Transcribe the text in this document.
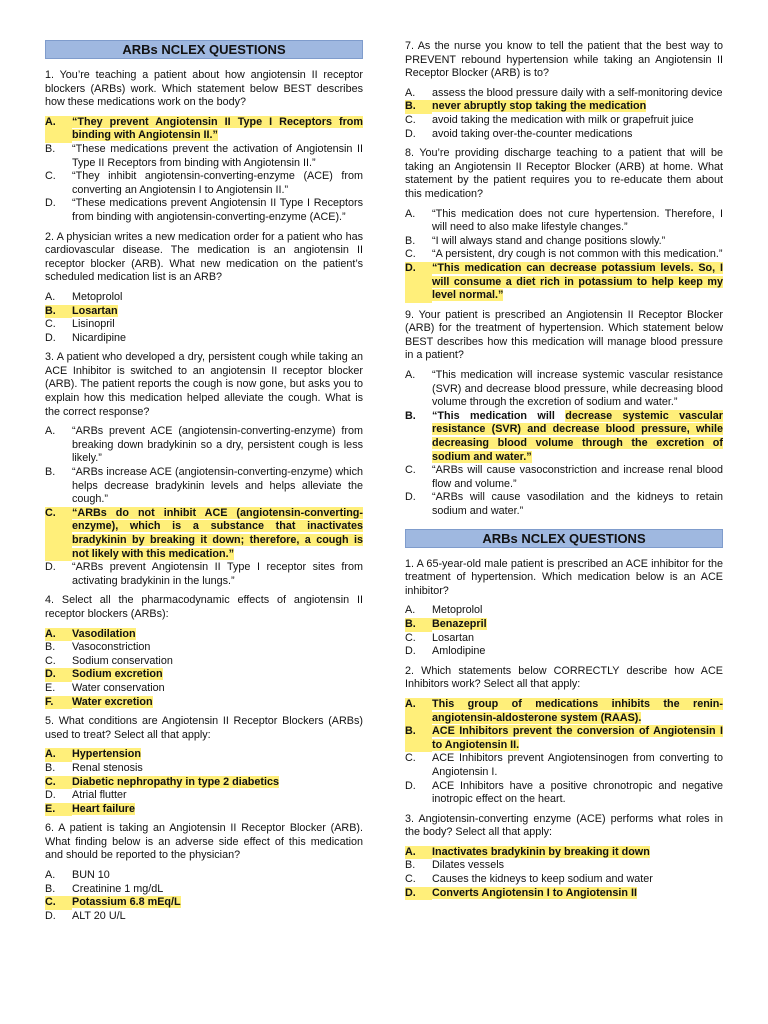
ARBs NCLEX QUESTIONS
1. You’re teaching a patient about how angiotensin II receptor blockers (ARBs) work. Which statement below BEST describes how these medications work on the body?
A.	“They prevent Angiotensin II Type I Receptors from binding with Angiotensin II.”
B.	“These medications prevent the activation of Angiotensin II Type II Receptors from binding with Angiotensin II.”
C.	“They inhibit angiotensin-converting-enzyme (ACE) from converting an Angiotensin I to Angiotensin II.”
D.	“These medications prevent Angiotensin II Type I Receptors from binding with angiotensin-converting-enzyme (ACE).”
2. A physician writes a new medication order for a patient who has cardiovascular disease. The medication is an angiotensin II receptor blocker (ARB). What new medication on the patient’s scheduled medication list is an ARB?
A.	Metoprolol
B.	Losartan
C.	Lisinopril
D.	Nicardipine
3. A patient who developed a dry, persistent cough while taking an ACE Inhibitor is switched to an angiotensin II receptor blocker (ARB). The patient reports the cough is now gone, but asks you to explain how this medication helped alleviate the cough. What is the correct response?
A.	“ARBs prevent ACE (angiotensin-converting-enzyme) from breaking down bradykinin so a dry, persistent cough is less likely.”
B.	“ARBs increase ACE (angiotensin-converting-enzyme) which helps decrease bradykinin levels and helps alleviate the cough.”
C.	“ARBs do not inhibit ACE (angiotensin-converting-enzyme), which is a substance that inactivates bradykinin by breaking it down; therefore, a cough is not likely with this medication.”
D.	“ARBs prevent Angiotensin II Type I receptor sites from activating bradykinin in the lungs.”
4. Select all the pharmacodynamic effects of angiotensin II receptor blockers (ARBs):
A.	Vasodilation
B.	Vasoconstriction
C.	Sodium conservation
D.	Sodium excretion
E.	Water conservation
F.	Water excretion
5. What conditions are Angiotensin II Receptor Blockers (ARBs) used to treat? Select all that apply:
A.	Hypertension
B.	Renal stenosis
C.	Diabetic nephropathy in type 2 diabetics
D.	Atrial flutter
E.	Heart failure
6. A patient is taking an Angiotensin II Receptor Blocker (ARB). What finding below is an adverse side effect of this medication and should be reported to the physician?
A.	BUN 10
B.	Creatinine 1 mg/dL
C.	Potassium 6.8 mEq/L
D.	ALT 20 U/L
7. As the nurse you know to tell the patient that the best way to PREVENT rebound hypertension while taking an Angiotensin II Receptor Blocker (ARB) is to?
A.	assess the blood pressure daily with a self-monitoring device
B.	never abruptly stop taking the medication
C.	avoid taking the medication with milk or grapefruit juice
D.	avoid taking over-the-counter medications
8. You’re providing discharge teaching to a patient that will be taking an Angiotensin II Receptor Blocker (ARB) at home. What statement by the patient requires you to re-educate them about this medication?
A.	“This medication does not cure hypertension. Therefore, I will need to also make lifestyle changes.”
B.	“I will always stand and change positions slowly.”
C.	“A persistent, dry cough is not common with this medication.”
D.	“This medication can decrease potassium levels. So, I will consume a diet rich in potassium to help keep my level normal.”
9. Your patient is prescribed an Angiotensin II Receptor Blocker (ARB) for the treatment of hypertension. Which statement below BEST describes how this medication will manage blood pressure in a patient?
A.	“This medication will increase systemic vascular resistance (SVR) and decrease blood pressure, while decreasing blood volume through the excretion of sodium and water.”
B.	“This medication will decrease systemic vascular resistance (SVR) and decrease blood pressure, while decreasing blood volume through the excretion of sodium and water.”
C.	“ARBs will cause vasoconstriction and increase renal blood flow and volume.”
D.	“ARBs will cause vasodilation and the kidneys to retain sodium and water.”
ARBs NCLEX QUESTIONS
1. A 65-year-old male patient is prescribed an ACE inhibitor for the treatment of hypertension. Which medication below is an ACE inhibitor?
A.	Metoprolol
B.	Benazepril
C.	Losartan
D.	Amlodipine
2. Which statements below CORRECTLY describe how ACE Inhibitors work? Select all that apply:
A.	This group of medications inhibits the renin-angiotensin-aldosterone system (RAAS).
B.	ACE Inhibitors prevent the conversion of Angiotensin I to Angiotensin II.
C.	ACE Inhibitors prevent Angiotensinogen from converting to Angiotensin I.
D.	ACE Inhibitors have a positive chronotropic and negative inotropic effect on the heart.
3. Angiotensin-converting enzyme (ACE) performs what roles in the body? Select all that apply:
A.	Inactivates bradykinin by breaking it down
B.	Dilates vessels
C.	Causes the kidneys to keep sodium and water
D.	Converts Angiotensin I to Angiotensin II
